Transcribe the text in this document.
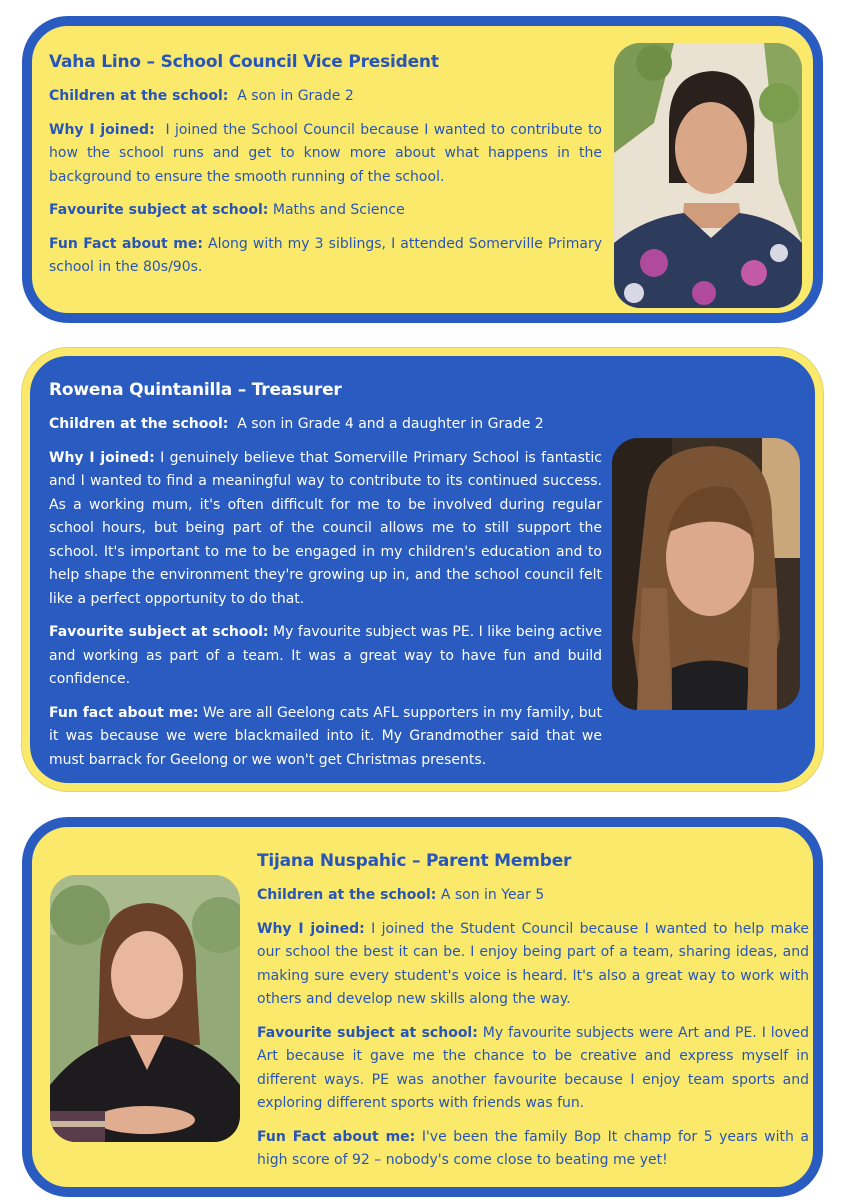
Vaha Lino – School Council Vice President

Children at the school: A son in Grade 2

Why I joined: I joined the School Council because I wanted to contribute to how the school runs and get to know more about what happens in the background to ensure the smooth running of the school.

Favourite subject at school: Maths and Science

Fun Fact about me: Along with my 3 siblings, I attended Somerville Primary school in the 80s/90s.

Rowena Quintanilla – Treasurer

Children at the school: A son in Grade 4 and a daughter in Grade 2

Why I joined: I genuinely believe that Somerville Primary School is fantastic and I wanted to find a meaningful way to contribute to its continued success. As a working mum, it's often difficult for me to be involved during regular school hours, but being part of the council allows me to still support the school. It's important to me to be engaged in my children's education and to help shape the environment they're growing up in, and the school council felt like a perfect opportunity to do that.

Favourite subject at school: My favourite subject was PE. I like being active and working as part of a team. It was a great way to have fun and build confidence.

Fun fact about me: We are all Geelong cats AFL supporters in my family, but it was because we were blackmailed into it. My Grandmother said that we must barrack for Geelong or we won't get Christmas presents.

Tijana Nuspahic – Parent Member

Children at the school: A son in Year 5

Why I joined: I joined the Student Council because I wanted to help make our school the best it can be. I enjoy being part of a team, sharing ideas, and making sure every student's voice is heard. It's also a great way to work with others and develop new skills along the way.

Favourite subject at school: My favourite subjects were Art and PE. I loved Art because it gave me the chance to be creative and express myself in different ways. PE was another favourite because I enjoy team sports and exploring different sports with friends was fun.

Fun Fact about me: I've been the family Bop It champ for 5 years with a high score of 92 – nobody's come close to beating me yet!
